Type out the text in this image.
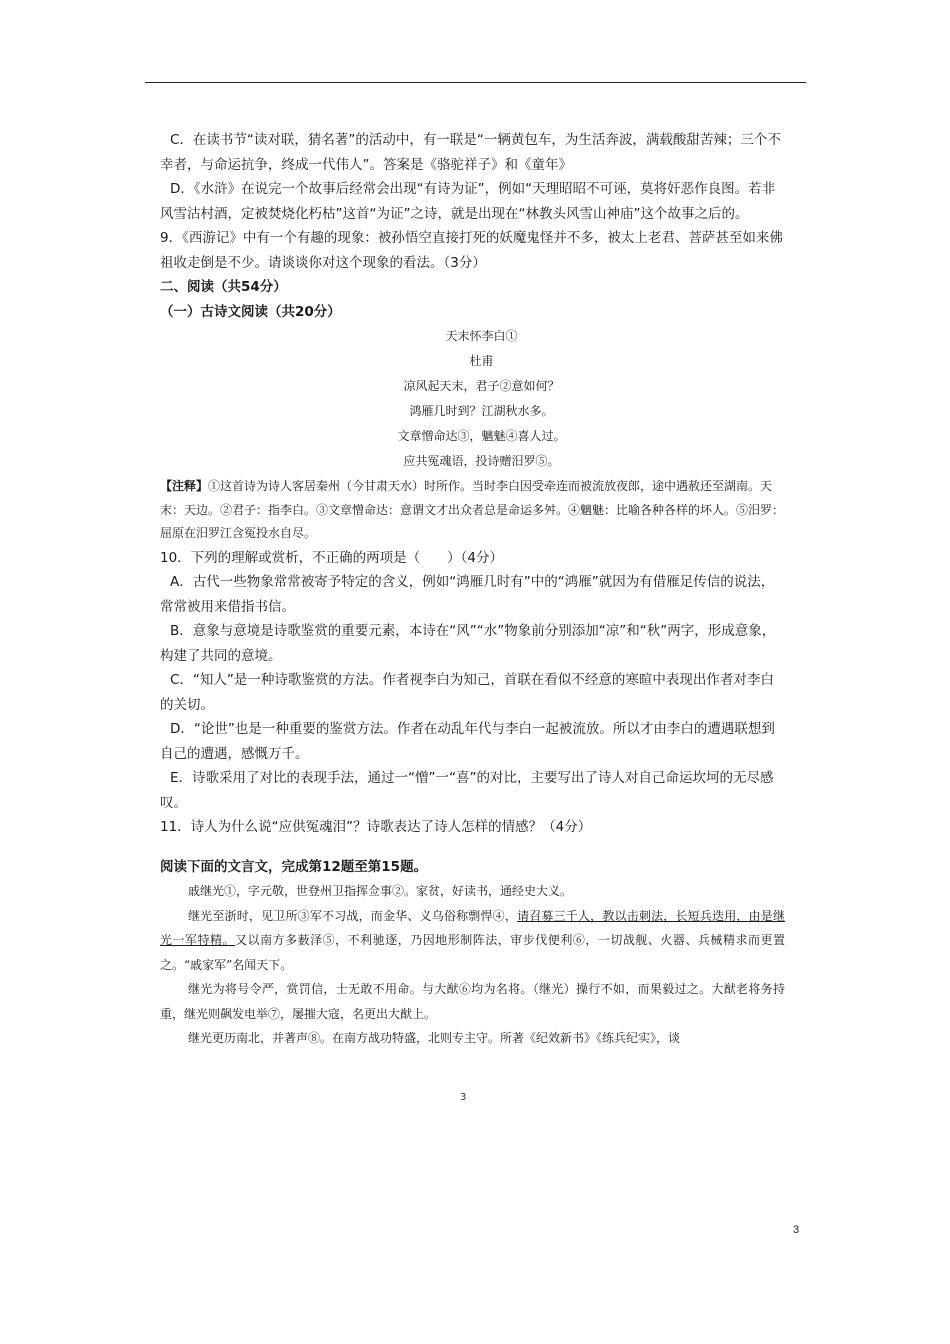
C．在读书节“读对联，猜名著”的活动中，有一联是“一辆黄包车，为生活奔波，满载酸甜苦辣；三个不幸者，与命运抗争，终成一代伟人”。答案是《骆驼祥子》和《童年》

D．《水浒》在说完一个故事后经常会出现“有诗为证”，例如“天理昭昭不可诬，莫将奸恶作良图。若非风雪沽村酒，定被焚烧化朽枯”这首“为证”之诗，就是出现在“林教头风雪山神庙”这个故事之后的。

9．《西游记》中有一个有趣的现象：被孙悟空直接打死的妖魔鬼怪并不多，被太上老君、菩萨甚至如来佛祖收走倒是不少。请谈谈你对这个现象的看法。（3分）

二、阅读（共54分）

（一）古诗文阅读（共20分）

天末怀李白①

杜甫

凉风起天末，君子②意如何？

鸿雁几时到？江湖秋水多。

文章憎命达③，魑魅④喜人过。

应共冤魂语，投诗赠汨罗⑤。

【注释】①这首诗为诗人客居秦州（今甘肃天水）时所作。当时李白因受牵连而被流放夜郎，途中遇赦还至湖南。天末：天边。②君子：指李白。③文章憎命达：意谓文才出众者总是命运多舛。④魑魅：比喻各种各样的坏人。⑤汨罗：屈原在汨罗江含冤投水自尽。

10．下列的理解或赏析，不正确的两项是（　　）（4分）

A．古代一些物象常常被寄予特定的含义，例如“鸿雁几时有”中的“鸿雁”就因为有借雁足传信的说法，常常被用来借指书信。

B．意象与意境是诗歌鉴赏的重要元素，本诗在“风”“水”物象前分别添加“凉”和“秋”两字，形成意象，构建了共同的意境。

C．“知人”是一种诗歌鉴赏的方法。作者视李白为知己，首联在看似不经意的寒暄中表现出作者对李白的关切。

D．“论世”也是一种重要的鉴赏方法。作者在动乱年代与李白一起被流放。所以才由李白的遭遇联想到自己的遭遇，感慨万千。

E．诗歌采用了对比的表现手法，通过一“憎”一“喜”的对比，主要写出了诗人对自己命运坎坷的无尽感叹。

11．诗人为什么说“应供冤魂泪”？诗歌表达了诗人怎样的情感？（4分）

阅读下面的文言文，完成第12题至第15题。

戚继光①，字元敬，世登州卫指挥佥事②。家贫，好读书，通经史大义。

继光至浙时，见卫所③军不习战，而金华、义乌俗称剽悍④，请召募三千人，教以击刺法，长短兵迭用，由是继光一军特精。又以南方多薮泽⑤，不利驰逐，乃因地形制阵法，审步伐便利⑥，一切战舰、火器、兵械精求而更置之。“戚家军”名闻天下。

继光为将号令严，赏罚信，士无敢不用命。与大猷⑥均为名将。（继光）操行不如，而果毅过之。大猷老将务持重，继光则飙发电举⑦，屡摧大寇，名更出大猷上。

继光更历南北，并著声⑧。在南方战功特盛，北则专主守。所著《纪效新书》《练兵纪实》，谈

3
3
